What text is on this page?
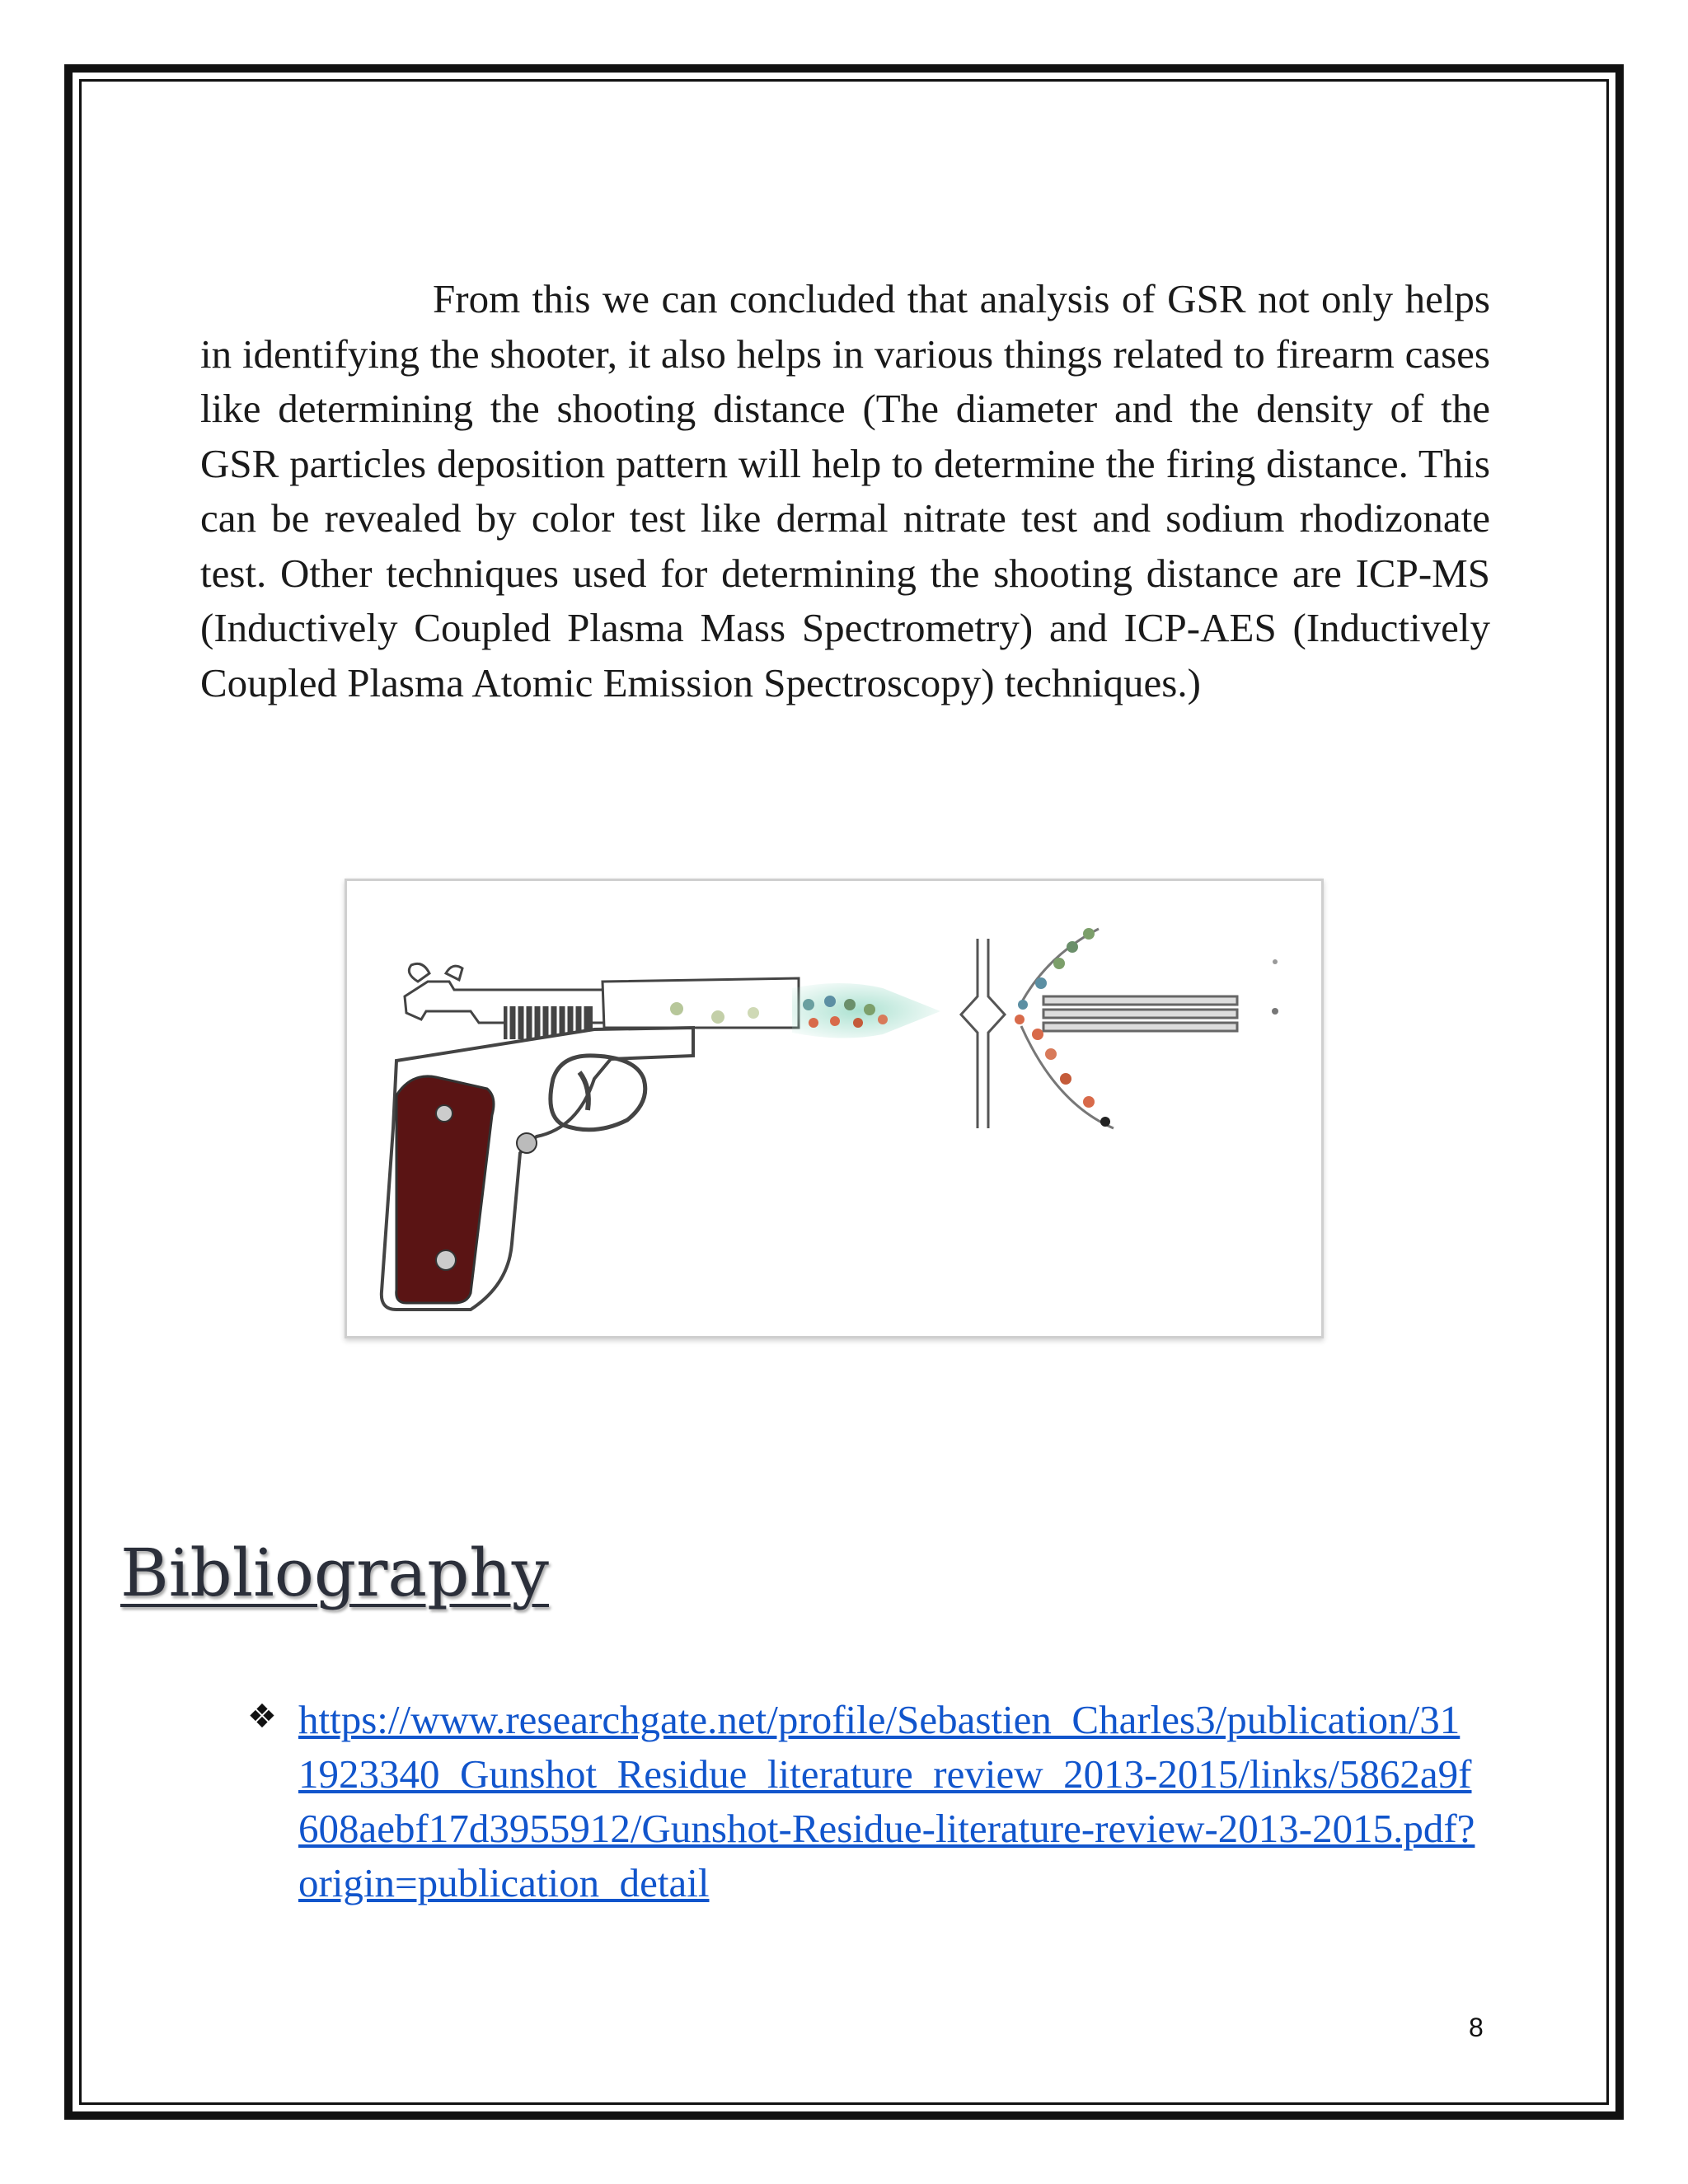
From this we can concluded that analysis of GSR not only helps in identifying the shooter, it also helps in various things related to firearm cases like determining the shooting distance (The diameter and the density of the GSR particles deposition pattern will help to determine the firing distance. This can be revealed by color test like dermal nitrate test and sodium rhodizonate test. Other techniques used for determining the shooting distance are ICP-MS (Inductively Coupled Plasma Mass Spectrometry) and ICP-AES (Inductively Coupled Plasma Atomic Emission Spectroscopy) techniques.)

Bibliography
❖ https://www.researchgate.net/profile/Sebastien_Charles3/publication/311923340_Gunshot_Residue_literature_review_2013-2015/links/5862a9f608aebf17d3955912/Gunshot-Residue-literature-review-2013-2015.pdf?origin=publication_detail
8
